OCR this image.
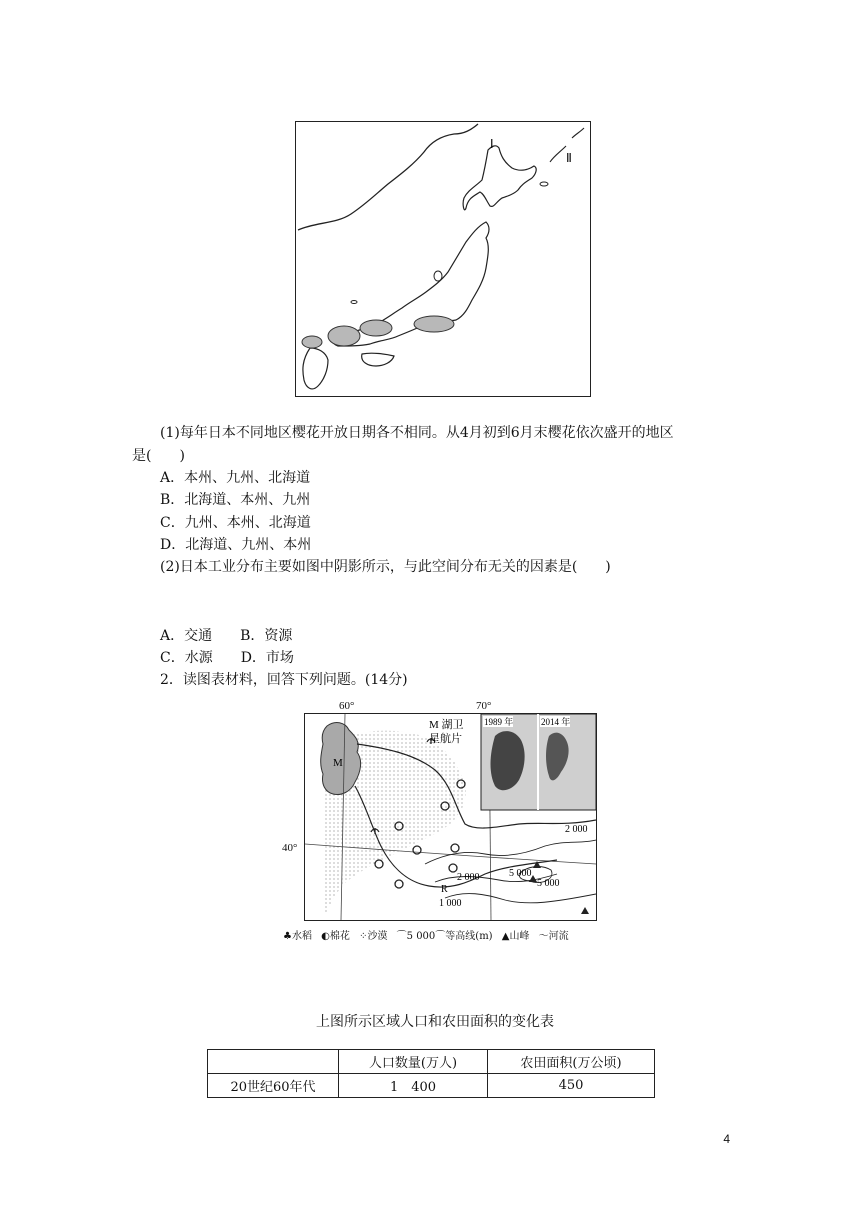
Ⅰ
Ⅱ
(1)每年日本不同地区樱花开放日期各不相同。从4月初到6月末樱花依次盛开的地区
是(　　)
A．本州、九州、北海道
B．北海道、本州、九州
C．九州、本州、北海道
D．北海道、九州、本州
(2)日本工业分布主要如图中阴影所示，与此空间分布无关的因素是(　　)
A．交通　　B．资源
C．水源　　D．市场
2．读图表材料，回答下列问题。(14分)
60°	70°
40°
M
1989 年	2014 年
M 湖卫
星航片
2 000
2 000	5 000
5 000
R
1 000
♣水稻 ◐棉花 ⁘沙漠 ⌒5 000⌒等高线(m) ▲山峰 〜河流
上图所示区域人口和农田面积的变化表
	人口数量(万人)	农田面积(万公顷)
20世纪60年代	1　400	450
4
